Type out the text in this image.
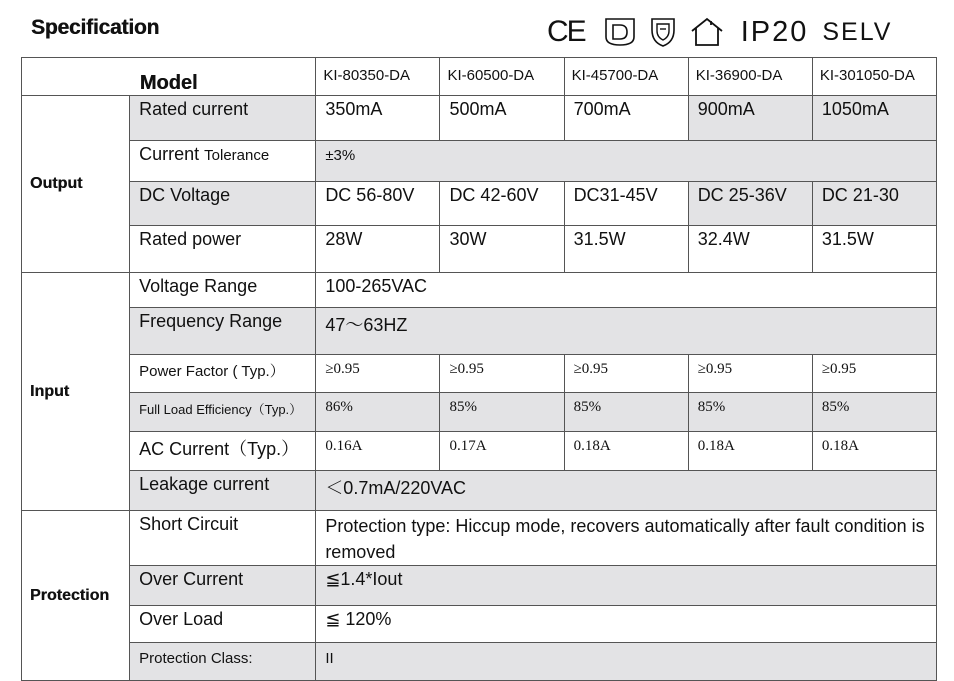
Specification	CE	IP20 SELV
Model		KI-80350-DA	KI-60500-DA	KI-45700-DA	KI-36900-DA	KI-301050-DA
Output	Rated current	350mA	500mA	700mA	900mA	1050mA
	Current Tolerance	±3%				
	DC Voltage	DC 56-80V	DC 42-60V	DC31-45V	DC 25-36V	DC 21-30
	Rated power	28W	30W	31.5W	32.4W	31.5W
Input	Voltage Range	100-265VAC				
	Frequency Range	47～63HZ				
	Power Factor ( Typ.）	≥0.95	≥0.95	≥0.95	≥0.95	≥0.95
	Full Load Efficiency（Typ.）	86%	85%	85%	85%	85%
	AC Current（Typ.）	0.16A	0.17A	0.18A	0.18A	0.18A
	Leakage current	＜0.7mA/220VAC				
Protection	Short Circuit	Protection type: Hiccup mode, recovers automatically after fault condition is removed				
	Over Current	≦1.4*Iout				
	Over Load	≦ 120%				
	Protection Class:	II				
